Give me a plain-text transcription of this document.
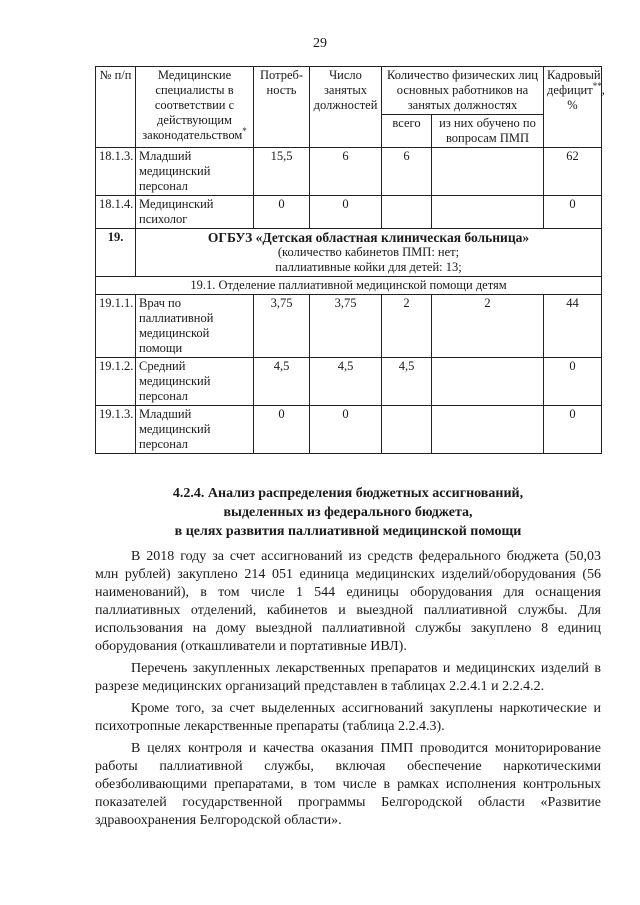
29
№ п/п	Медицинские специалисты в соответствии с действующим законодательством*	Потреб-ность	Число занятых должностей	Количество физических лиц основных работников на занятых должностях		Кадровый дефицит**, %
				всего	из них обучено по вопросам ПМП	
18.1.3.	Младший медицинский персонал	15,5	6	6		62
18.1.4.	Медицинский психолог	0	0			0
19.	ОГБУЗ «Детская областная клиническая больница»
(количество кабинетов ПМП: нет;
паллиативные койки для детей: 13;					

19.1. Отделение паллиативной медицинской помощи детям						
19.1.1.	Врач по паллиативной медицинской помощи	3,75	3,75	2	2	44
19.1.2.	Средний медицинский персонал	4,5	4,5	4,5		0
19.1.3.	Младший медицинский персонал	0	0			0
4.2.4. Анализ распределения бюджетных ассигнований,
выделенных из федерального бюджета,
в целях развития паллиативной медицинской помощи

В 2018 году за счет ассигнований из средств федерального бюджета (50,03 млн рублей) закуплено 214 051 единица медицинских изделий/оборудования (56 наименований), в том числе 1 544 единицы оборудования для оснащения паллиативных отделений, кабинетов и выездной паллиативной службы. Для использования на дому выездной паллиативной службы закуплено 8 единиц оборудования (откашливатели и портативные ИВЛ).

Перечень закупленных лекарственных препаратов и медицинских изделий в разрезе медицинских организаций представлен в таблицах 2.2.4.1 и 2.2.4.2.

Кроме того, за счет выделенных ассигнований закуплены наркотические и психотропные лекарственные препараты (таблица 2.2.4.3).

В целях контроля и качества оказания ПМП проводится мониторирование работы паллиативной службы, включая обеспечение наркотическими обезболивающими препаратами, в том числе в рамках исполнения контрольных показателей государственной программы Белгородской области «Развитие здравоохранения Белгородской области».
